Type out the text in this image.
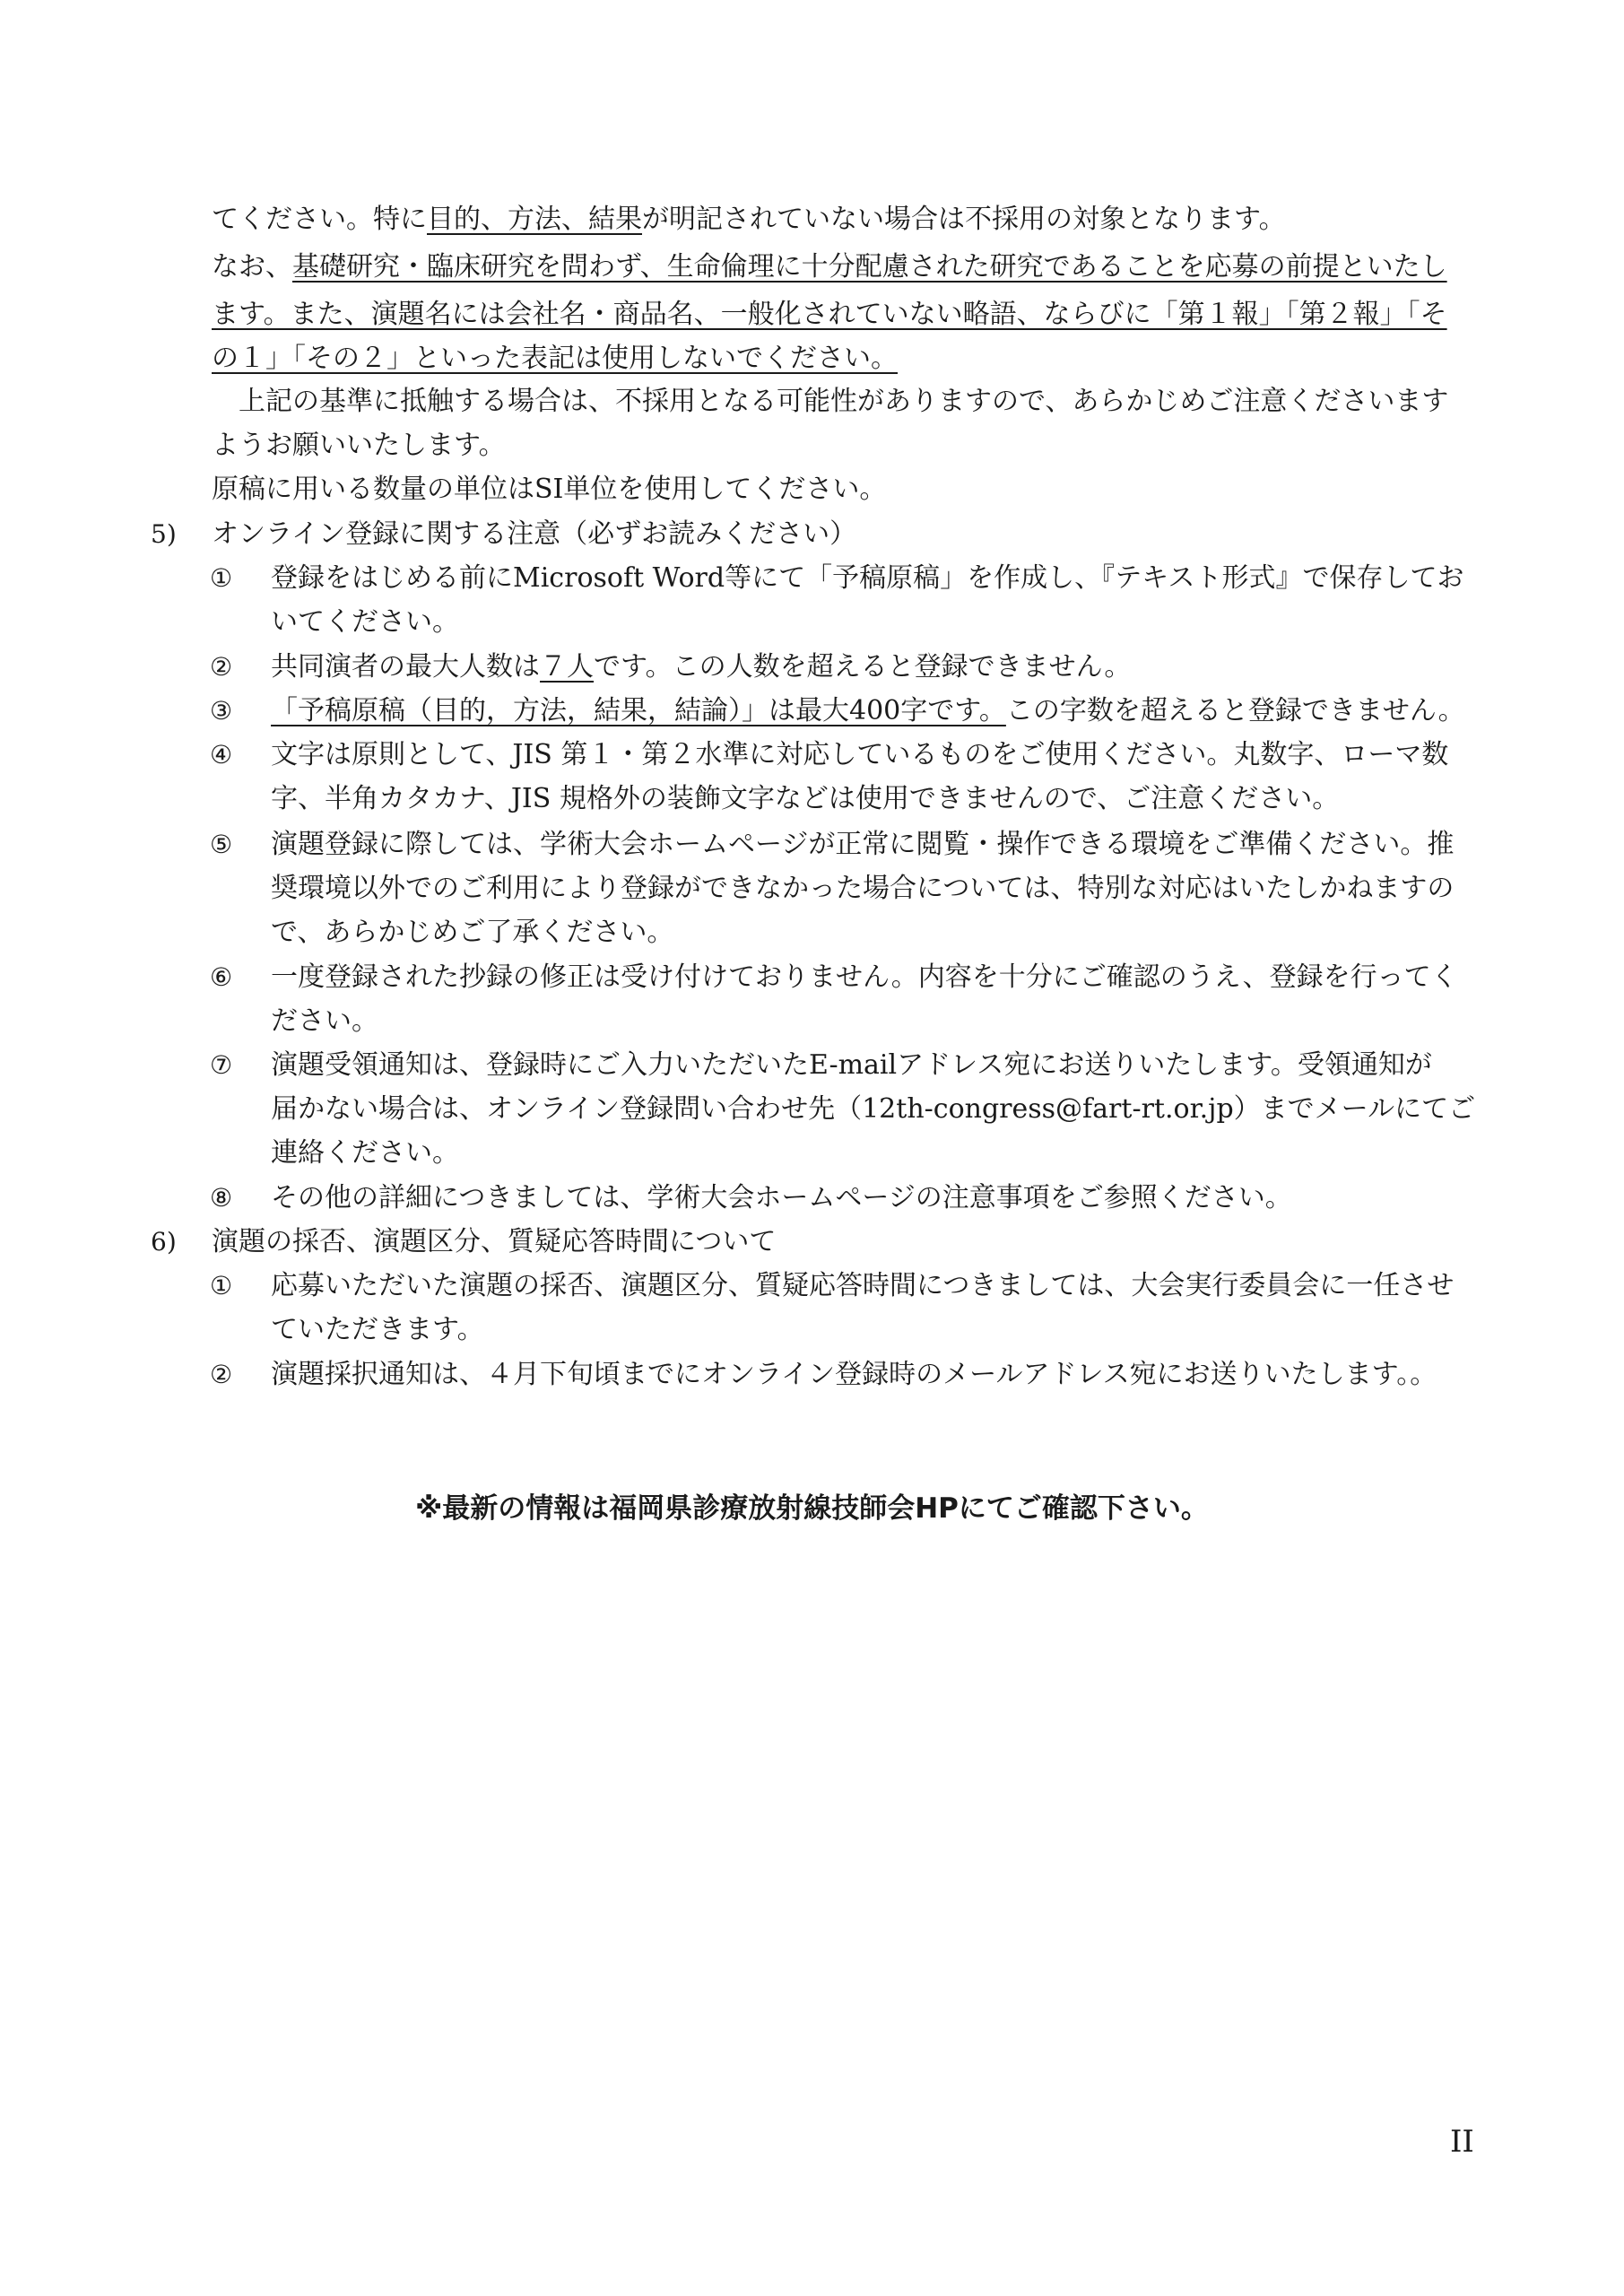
てください。特に目的、方法、結果が明記されていない場合は不採用の対象となります。
なお、基礎研究・臨床研究を問わず、生命倫理に十分配慮された研究であることを応募の前提といたし
ます。また、演題名には会社名・商品名、一般化されていない略語、ならびに「第１報」「第２報」「そ
の１」「その２」といった表記は使用しないでください。
上記の基準に抵触する場合は、不採用となる可能性がありますので、あらかじめご注意くださいます
ようお願いいたします。
原稿に用いる数量の単位はSI単位を使用してください。
5) オンライン登録に関する注意（必ずお読みください）
① 登録をはじめる前にMicrosoft Word等にて「予稿原稿」を作成し、『テキスト形式』で保存してお
いてください。
② 共同演者の最大人数は７人です。この人数を超えると登録できません。
③ 「予稿原稿（目的，方法，結果，結論）」は最大400字です。この字数を超えると登録できません。
④ 文字は原則として、JIS 第１・第２水準に対応しているものをご使用ください。丸数字、ローマ数
字、半角カタカナ、JIS 規格外の装飾文字などは使用できませんので、ご注意ください。
⑤ 演題登録に際しては、学術大会ホームページが正常に閲覧・操作できる環境をご準備ください。推
奨環境以外でのご利用により登録ができなかった場合については、特別な対応はいたしかねますの
で、あらかじめご了承ください。
⑥ 一度登録された抄録の修正は受け付けておりません。内容を十分にご確認のうえ、登録を行ってく
ださい。
⑦ 演題受領通知は、登録時にご入力いただいたE-mailアドレス宛にお送りいたします。受領通知が
届かない場合は、オンライン登録問い合わせ先（12th-congress@fart-rt.or.jp）までメールにてご
連絡ください。
⑧ その他の詳細につきましては、学術大会ホームページの注意事項をご参照ください。
6) 演題の採否、演題区分、質疑応答時間について
① 応募いただいた演題の採否、演題区分、質疑応答時間につきましては、大会実行委員会に一任させ
ていただきます。
② 演題採択通知は、４月下旬頃までにオンライン登録時のメールアドレス宛にお送りいたします。。
※最新の情報は福岡県診療放射線技師会HPにてご確認下さい。
II
